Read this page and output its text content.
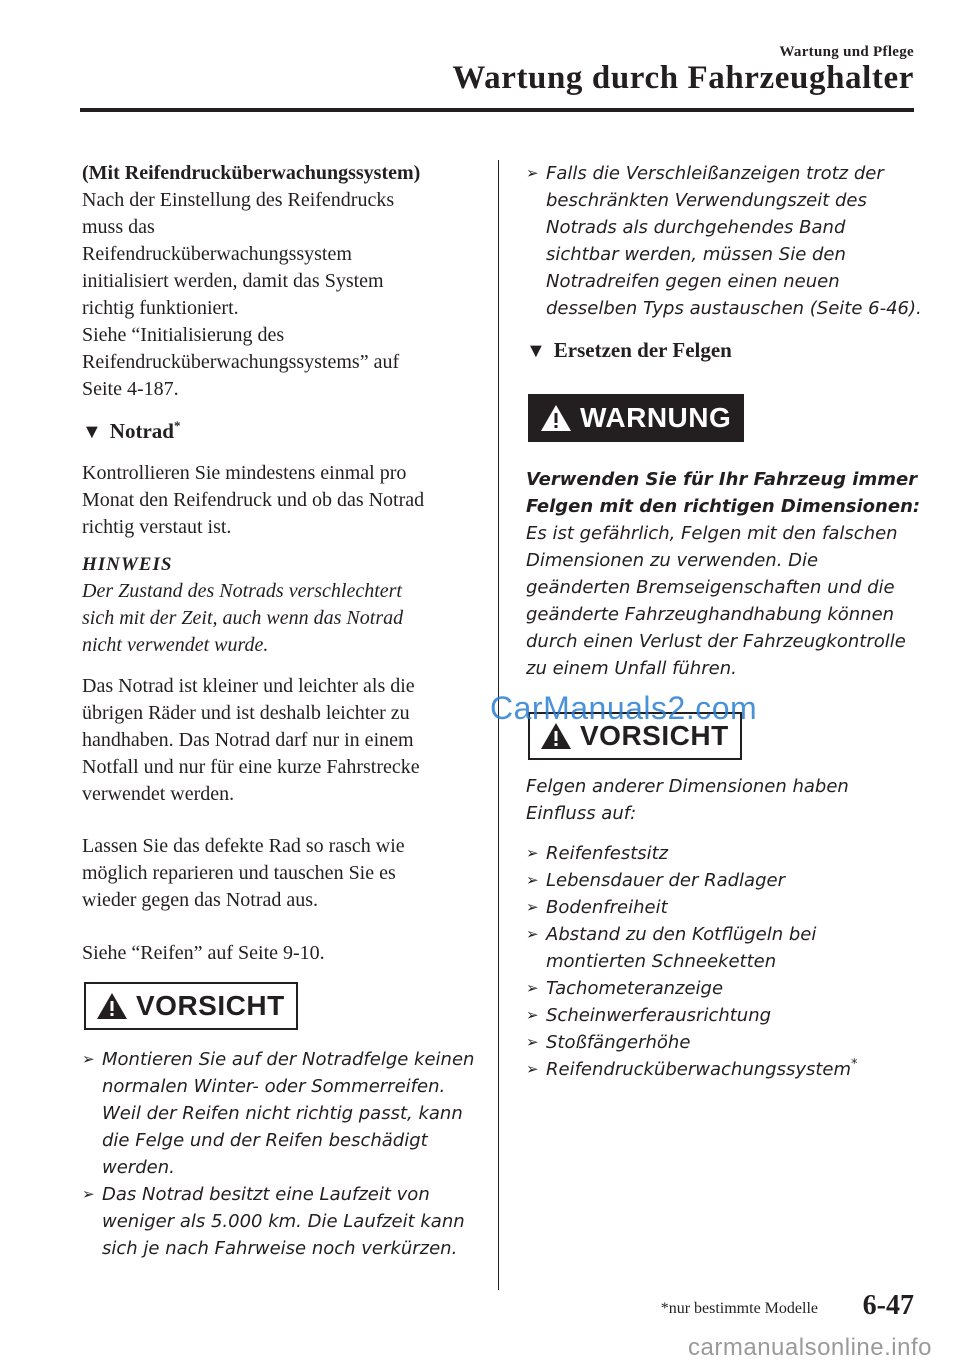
Wartung und Pflege
Wartung durch Fahrzeughalter

(Mit Reifendrucküberwachungssystem)

Nach der Einstellung des Reifendrucks

muss das

Reifendrucküberwachungssystem

initialisiert werden, damit das System

richtig funktioniert.

Siehe “Initialisierung des

Reifendrucküberwachungssystems” auf

Seite 4-187.

▼ Notrad*

Kontrollieren Sie mindestens einmal pro

Monat den Reifendruck und ob das Notrad

richtig verstaut ist.

HINWEIS

Der Zustand des Notrads verschlechtert

sich mit der Zeit, auch wenn das Notrad

nicht verwendet wurde.

Das Notrad ist kleiner und leichter als die

übrigen Räder und ist deshalb leichter zu

handhaben. Das Notrad darf nur in einem

Notfall und nur für eine kurze Fahrstrecke

verwendet werden.

Lassen Sie das defekte Rad so rasch wie

möglich reparieren und tauschen Sie es

wieder gegen das Notrad aus.

Siehe “Reifen” auf Seite 9-10.

VORSICHT
➢ Montieren Sie auf der Notradfelge keinen
normalen Winter- oder Sommerreifen.
Weil der Reifen nicht richtig passt, kann
die Felge und der Reifen beschädigt
werden.
➢ Das Notrad besitzt eine Laufzeit von
weniger als 5.000 km. Die Laufzeit kann
sich je nach Fahrweise noch verkürzen.
➢ Falls die Verschleißanzeigen trotz der
beschränkten Verwendungszeit des
Notrads als durchgehendes Band
sichtbar werden, müssen Sie den
Notradreifen gegen einen neuen
desselben Typs austauschen (Seite 6-46).
▼ Ersetzen der Felgen
WARNUNG

Verwenden Sie für Ihr Fahrzeug immer

Felgen mit den richtigen Dimensionen:

Es ist gefährlich, Felgen mit den falschen

Dimensionen zu verwenden. Die

geänderten Bremseigenschaften und die

geänderte Fahrzeughandhabung können

durch einen Verlust der Fahrzeugkontrolle

zu einem Unfall führen.

VORSICHT

Felgen anderer Dimensionen haben

Einfluss auf:

➢ Reifenfestsitz
➢ Lebensdauer der Radlager
➢ Bodenfreiheit
➢ Abstand zu den Kotflügeln bei
montierten Schneeketten
➢ Tachometeranzeige
➢ Scheinwerferausrichtung
➢ Stoßfängerhöhe
➢ Reifendrucküberwachungssystem*
CarManuals2.com
*nur bestimmte Modelle 6-47
carmanualsonline.info
